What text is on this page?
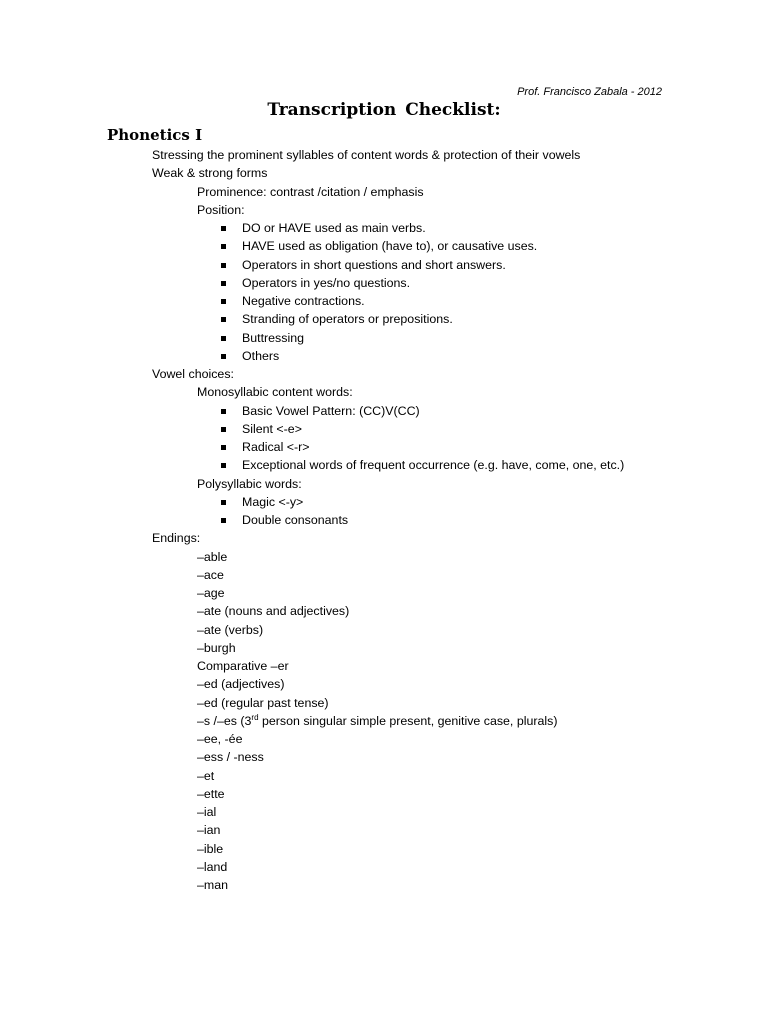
Prof. Francisco Zabala - 2012
Transcription Checklist:
Phonetics I
Stressing the prominent syllables of content words & protection of their vowels
Weak & strong forms
Prominence: contrast /citation / emphasis
Position:
DO or HAVE used as main verbs.
HAVE used as obligation (have to), or causative uses.
Operators in short questions and short answers.
Operators in yes/no questions.
Negative contractions.
Stranding of operators or prepositions.
Buttressing
Others
Vowel choices:
Monosyllabic content words:
Basic Vowel Pattern: (CC)V(CC)
Silent <-e>
Radical <-r>
Exceptional words of frequent occurrence (e.g. have, come, one, etc.)
Polysyllabic words:
Magic <-y>
Double consonants
Endings:
–able
–ace
–age
–ate (nouns and adjectives)
–ate (verbs)
–burgh
Comparative –er
–ed (adjectives)
–ed (regular past tense)
–s /–es (3rd person singular simple present, genitive case, plurals)
–ee, -ée
–ess / -ness
–et
–ette
–ial
–ian
–ible
–land
–man
